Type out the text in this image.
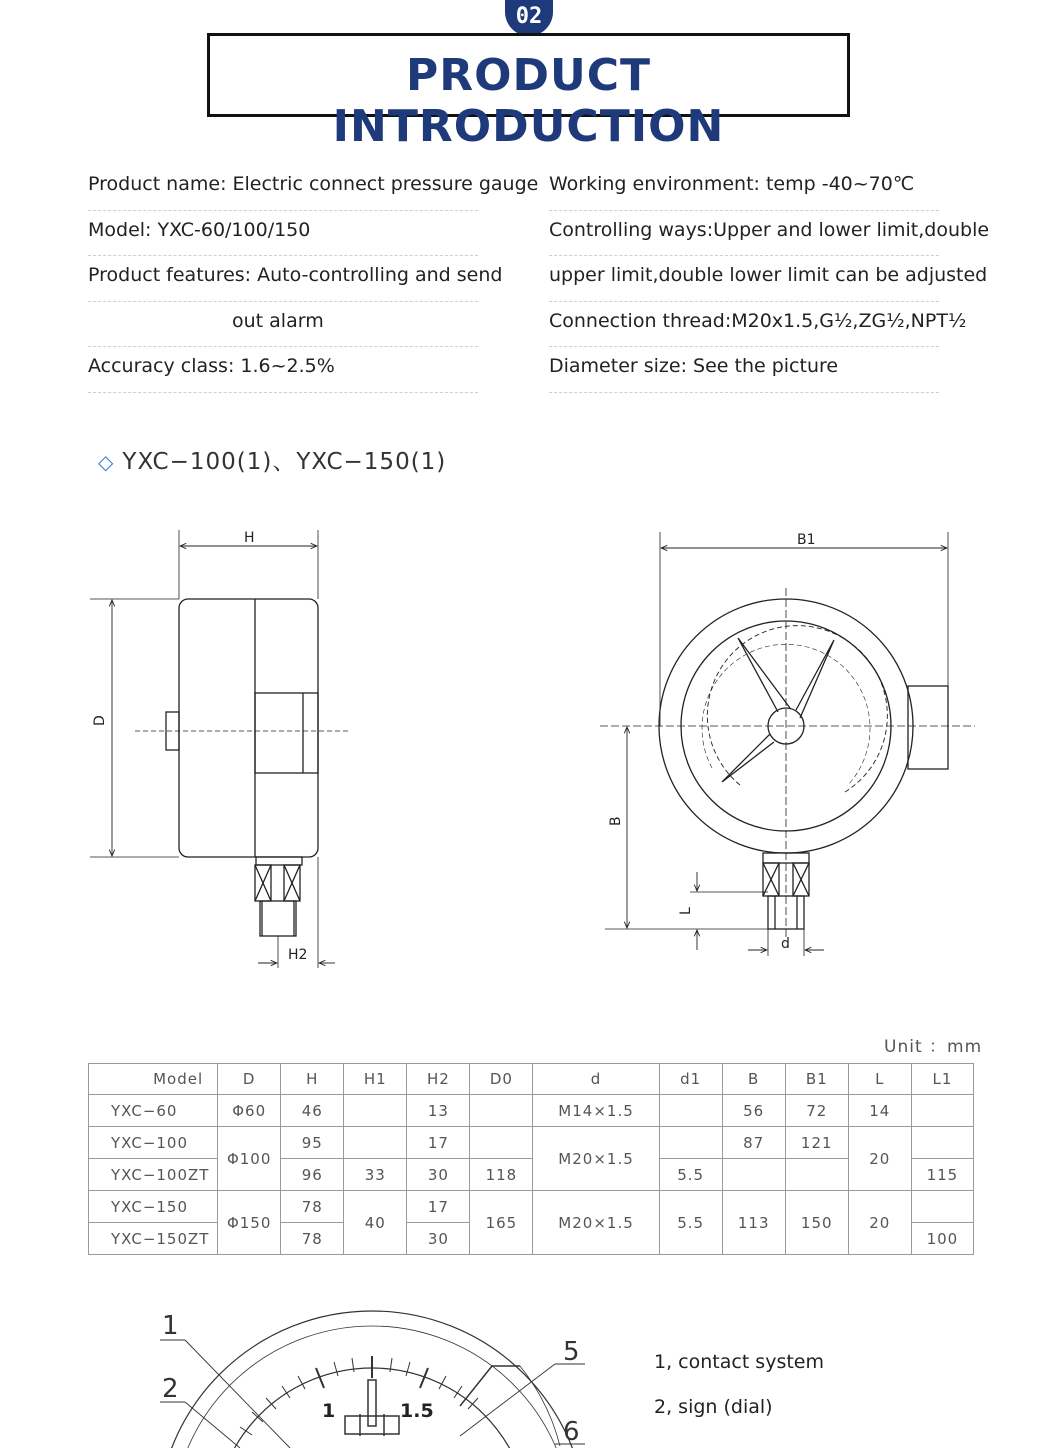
02
PRODUCT INTRODUCTION
Product name: Electric connect pressure gauge
Model: YXC-60/100/150
Product features: Auto-controlling and send
out alarm
Accuracy class: 1.6~2.5%
Working environment: temp -40~70℃
Controlling ways:Upper and lower limit,double
upper limit,double lower limit can be adjusted
Connection thread:M20x1.5,G½,ZG½,NPT½
Diameter size: See the picture
◇ YXC−100(1)、YXC−150(1)
H
D
H2
B1
B
L
d
Unit ：mm
Model	D	H	H1	H2	D0	d	d1	B	B1	L	L1
YXC−60	Φ60	46		13		M14×1.5		56	72	14	
YXC−100	Φ100	95		17		M20×1.5		87	121	20	
YXC−100ZT		96	33	30	118		5.5				115
YXC−150	Φ150	78	40	17	165	M20×1.5	5.5	113	150	20	
YXC−150ZT		78		30							100
1
2
5
6
1	1.5
1, contact system
2, sign (dial)
